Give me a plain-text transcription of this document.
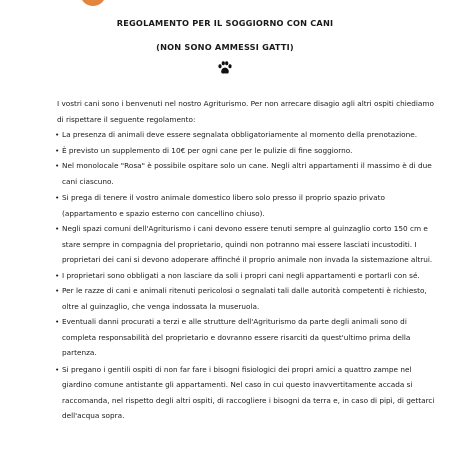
REGOLAMENTO PER IL SOGGIORNO CON CANI
(NON SONO AMMESSI GATTI)

I vostri cani sono i benvenuti nel nostro Agriturismo. Per non arrecare disagio agli altri ospiti chiediamo di rispettare il seguente regolamento:

• La presenza di animali deve essere segnalata obbligatoriamente al momento della prenotazione.
• È previsto un supplemento di 10€ per ogni cane per le pulizie di fine soggiorno.
• Nel monolocale "Rosa" è possibile ospitare solo un cane. Negli altri appartamenti il massimo è di due cani ciascuno.
• Si prega di tenere il vostro animale domestico libero solo presso il proprio spazio privato (appartamento e spazio esterno con cancellino chiuso).
• Negli spazi comuni dell'Agriturismo i cani devono essere tenuti sempre al guinzaglio corto 150 cm e stare sempre in compagnia del proprietario, quindi non potranno mai essere lasciati incustoditi. I proprietari dei cani si devono adoperare affinché il proprio animale non invada la sistemazione altrui.
• I proprietari sono obbligati a non lasciare da soli i propri cani negli appartamenti e portarli con sé.
• Per le razze di cani e animali ritenuti pericolosi o segnalati tali dalle autorità competenti è richiesto, oltre al guinzaglio, che venga indossata la museruola.
• Eventuali danni procurati a terzi e alle strutture dell'Agriturismo da parte degli animali sono di completa responsabilità del proprietario e dovranno essere risarciti da quest'ultimo prima della partenza.
• Si pregano i gentili ospiti di non far fare i bisogni fisiologici dei propri amici a quattro zampe nel giardino comune antistante gli appartamenti. Nel caso in cui questo inavvertitamente accada si raccomanda, nel rispetto degli altri ospiti, di raccogliere i bisogni da terra e, in caso di pipì, di gettarci dell'acqua sopra.
